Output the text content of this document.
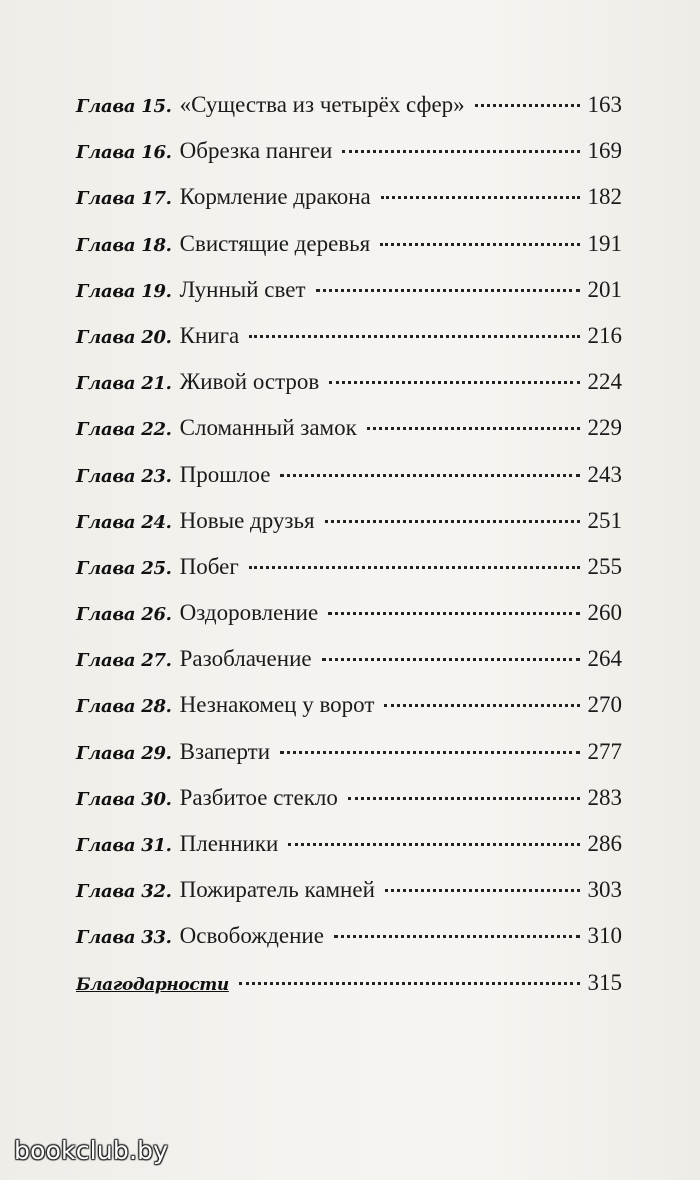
Глава 15. «Существа из четырёх сфер»	163
Глава 16. Обрезка пангеи	169
Глава 17. Кормление дракона	182
Глава 18. Свистящие деревья	191
Глава 19. Лунный свет	201
Глава 20. Книга	216
Глава 21. Живой остров	224
Глава 22. Сломанный замок	229
Глава 23. Прошлое	243
Глава 24. Новые друзья	251
Глава 25. Побег	255
Глава 26. Оздоровление	260
Глава 27. Разоблачение	264
Глава 28. Незнакомец у ворот	270
Глава 29. Взаперти	277
Глава 30. Разбитое стекло	283
Глава 31. Пленники	286
Глава 32. Пожиратель камней	303
Глава 33. Освобождение	310
Благодарности	315
bookclub.by
